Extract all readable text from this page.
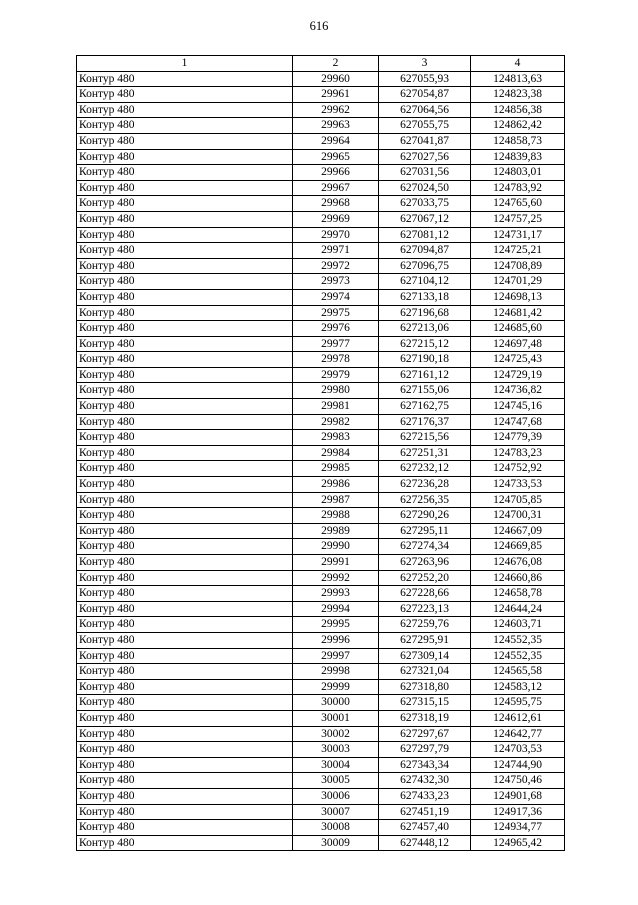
616
1	2	3	4
Контур 480	29960	627055,93	124813,63
Контур 480	29961	627054,87	124823,38
Контур 480	29962	627064,56	124856,38
Контур 480	29963	627055,75	124862,42
Контур 480	29964	627041,87	124858,73
Контур 480	29965	627027,56	124839,83
Контур 480	29966	627031,56	124803,01
Контур 480	29967	627024,50	124783,92
Контур 480	29968	627033,75	124765,60
Контур 480	29969	627067,12	124757,25
Контур 480	29970	627081,12	124731,17
Контур 480	29971	627094,87	124725,21
Контур 480	29972	627096,75	124708,89
Контур 480	29973	627104,12	124701,29
Контур 480	29974	627133,18	124698,13
Контур 480	29975	627196,68	124681,42
Контур 480	29976	627213,06	124685,60
Контур 480	29977	627215,12	124697,48
Контур 480	29978	627190,18	124725,43
Контур 480	29979	627161,12	124729,19
Контур 480	29980	627155,06	124736,82
Контур 480	29981	627162,75	124745,16
Контур 480	29982	627176,37	124747,68
Контур 480	29983	627215,56	124779,39
Контур 480	29984	627251,31	124783,23
Контур 480	29985	627232,12	124752,92
Контур 480	29986	627236,28	124733,53
Контур 480	29987	627256,35	124705,85
Контур 480	29988	627290,26	124700,31
Контур 480	29989	627295,11	124667,09
Контур 480	29990	627274,34	124669,85
Контур 480	29991	627263,96	124676,08
Контур 480	29992	627252,20	124660,86
Контур 480	29993	627228,66	124658,78
Контур 480	29994	627223,13	124644,24
Контур 480	29995	627259,76	124603,71
Контур 480	29996	627295,91	124552,35
Контур 480	29997	627309,14	124552,35
Контур 480	29998	627321,04	124565,58
Контур 480	29999	627318,80	124583,12
Контур 480	30000	627315,15	124595,75
Контур 480	30001	627318,19	124612,61
Контур 480	30002	627297,67	124642,77
Контур 480	30003	627297,79	124703,53
Контур 480	30004	627343,34	124744,90
Контур 480	30005	627432,30	124750,46
Контур 480	30006	627433,23	124901,68
Контур 480	30007	627451,19	124917,36
Контур 480	30008	627457,40	124934,77
Контур 480	30009	627448,12	124965,42
